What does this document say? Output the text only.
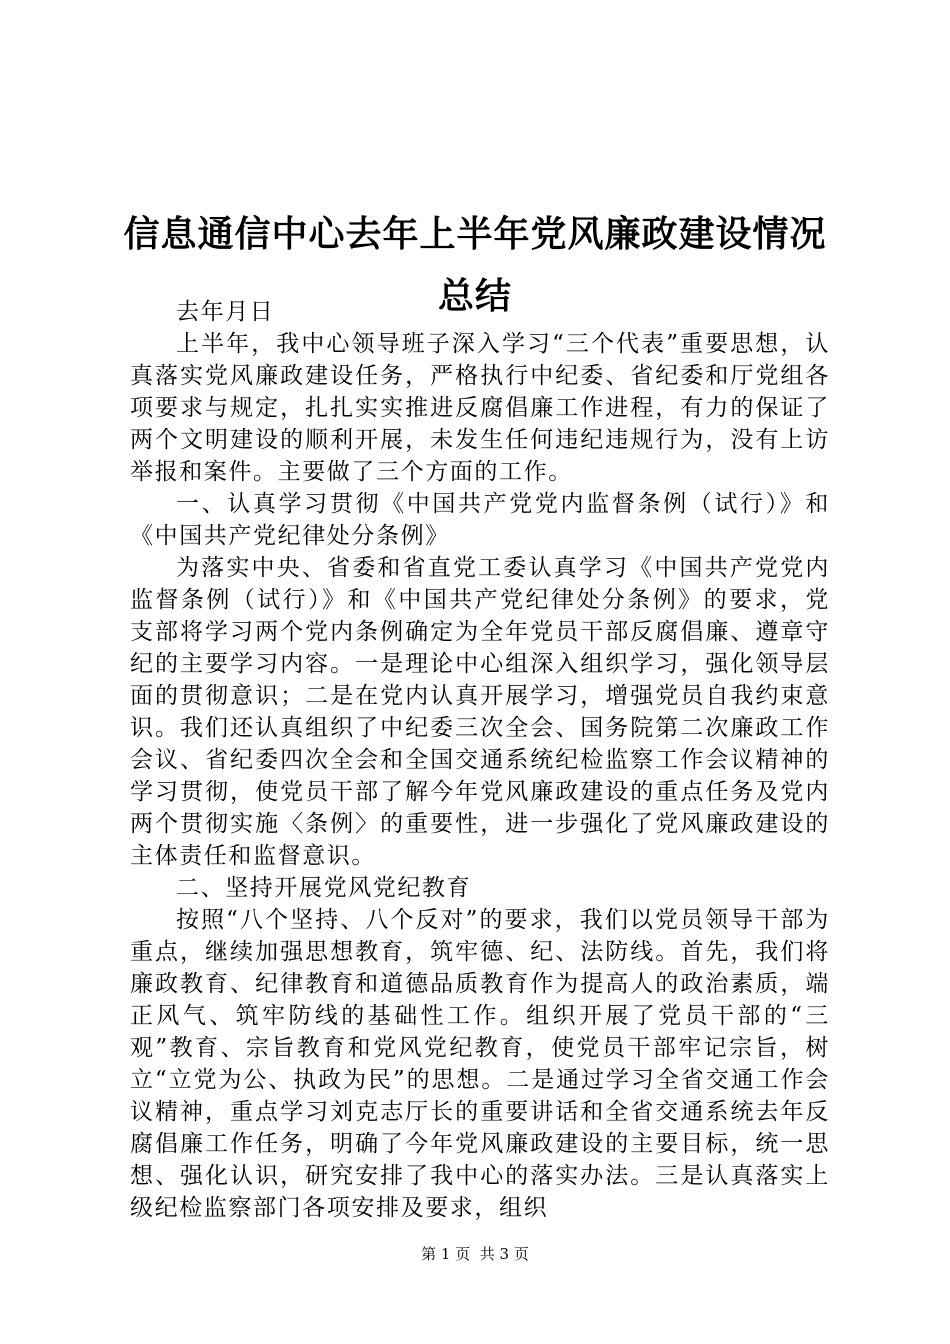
信息通信中心去年上半年党风廉政建设情况总结

去年月日

上半年，我中心领导班子深入学习“三个代表”重要思想，认真落实党风廉政建设任务，严格执行中纪委、省纪委和厅党组各项要求与规定，扎扎实实推进反腐倡廉工作进程，有力的保证了两个文明建设的顺利开展，未发生任何违纪违规行为，没有上访举报和案件。主要做了三个方面的工作。

一、认真学习贯彻《中国共产党党内监督条例（试行）》和《中国共产党纪律处分条例》

为落实中央、省委和省直党工委认真学习《中国共产党党内监督条例（试行）》和《中国共产党纪律处分条例》的要求，党支部将学习两个党内条例确定为全年党员干部反腐倡廉、遵章守纪的主要学习内容。一是理论中心组深入组织学习，强化领导层面的贯彻意识；二是在党内认真开展学习，增强党员自我约束意识。我们还认真组织了中纪委三次全会、国务院第二次廉政工作会议、省纪委四次全会和全国交通系统纪检监察工作会议精神的学习贯彻，使党员干部了解今年党风廉政建设的重点任务及党内两个贯彻实施〈条例〉的重要性，进一步强化了党风廉政建设的主体责任和监督意识。

二、坚持开展党风党纪教育

按照“八个坚持、八个反对”的要求，我们以党员领导干部为重点，继续加强思想教育，筑牢德、纪、法防线。首先，我们将廉政教育、纪律教育和道德品质教育作为提高人的政治素质，端正风气、筑牢防线的基础性工作。组织开展了党员干部的“三观”教育、宗旨教育和党风党纪教育，使党员干部牢记宗旨，树立“立党为公、执政为民”的思想。二是通过学习全省交通工作会议精神，重点学习刘克志厅长的重要讲话和全省交通系统去年反腐倡廉工作任务，明确了今年党风廉政建设的主要目标，统一思想、强化认识，研究安排了我中心的落实办法。三是认真落实上级纪检监察部门各项安排及要求，组织

第 1 页  共 3 页
